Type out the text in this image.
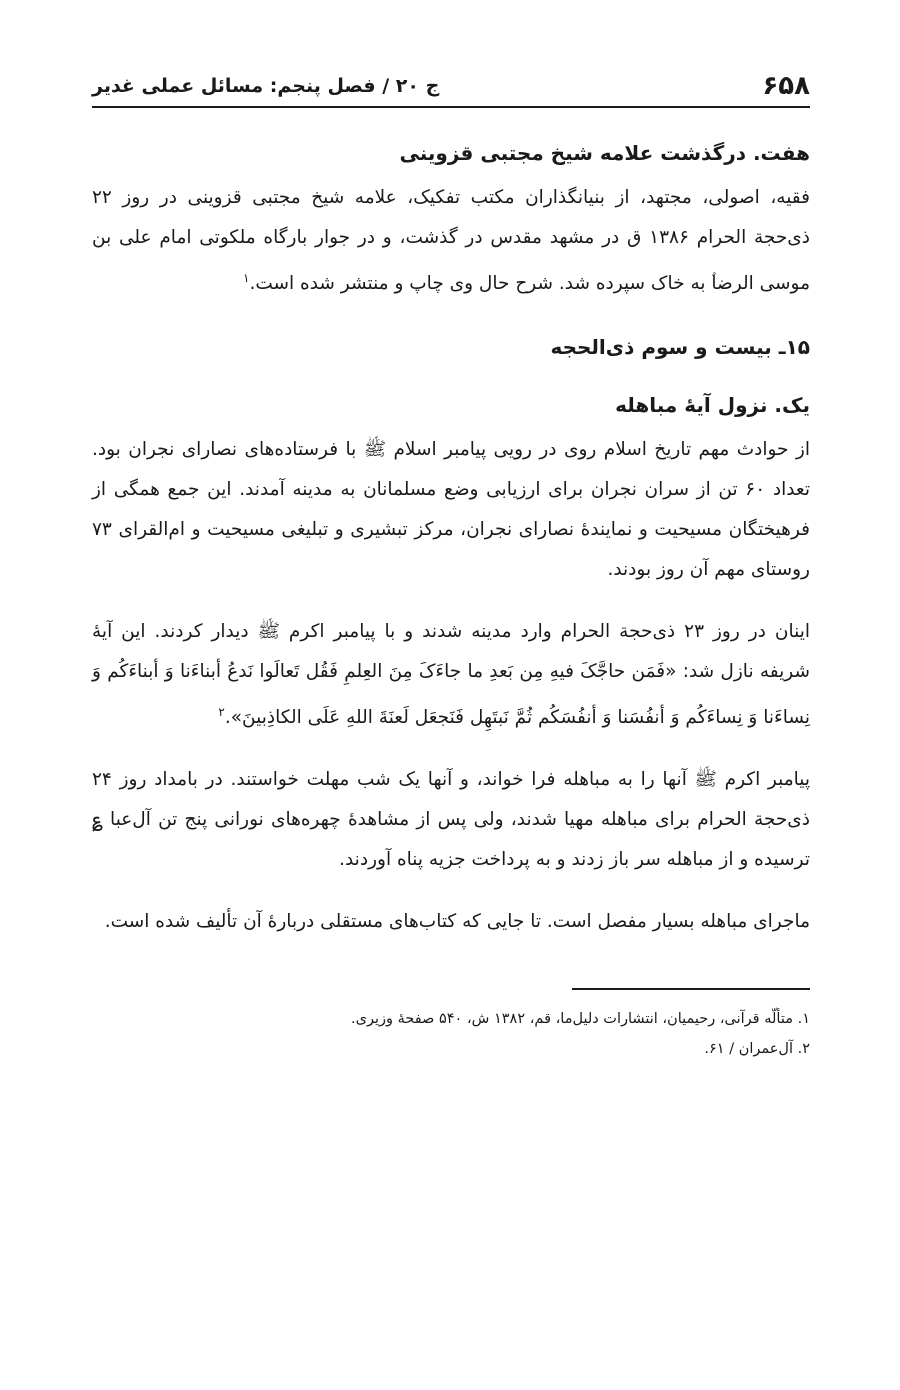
۶۵۸
ج ۲۰ / فصل پنجم: مسائل عملی غدیر
هفت. درگذشت علامه شیخ مجتبی قزوینی

فقیه، اصولی، مجتهد، از بنیانگذاران مکتب تفکیک، علامه شیخ مجتبی قزوینی در روز ۲۲ ذی‌حجة الحرام ۱۳۸۶ ق در مشهد مقدس در گذشت، و در جوار بارگاه ملکوتی امام علی بن موسی الرضا‌ؑ به خاک سپرده شد. شرح حال وی چاپ و منتشر شده است.$^۱$

۱۵ـ بیست و سوم ذی‌الحجه
یک. نزول آیهٔ مباهله

از حوادث مهم تاریخ اسلام روی در رویی پیامبر اسلام‌ ﷺ با فرستاده‌های نصارای نجران بود. تعداد ۶۰ تن از سران نجران برای ارزیابی وضع مسلمانان به مدینه آمدند. این جمع همگی از فرهیختگان مسیحیت و نمایندهٔ نصارای نجران، مرکز تبشیری و تبلیغی مسیحیت و ام‌القرای ۷۳ روستای مهم آن روز بودند.

اینان در روز ۲۳ ذی‌حجة الحرام وارد مدینه شدند و با پیامبر اکرم‌ ﷺ دیدار کردند. این آیهٔ شریفه نازل شد: «فَمَن حاجَّکَ فیهِ مِن بَعدِ ما جاءَکَ مِنَ العِلمِ فَقُل تَعالَوا نَدعُ أبناءَنا وَ أبناءَکُم وَ نِساءَنا وَ نِساءَکُم وَ أنفُسَنا وَ أنفُسَکُم ثُمَّ نَبتَهِل فَنَجعَل لَعنَةَ اللهِ عَلَی الکاذِبینَ».$^۲$

پیامبر اکرم‌ ﷺ آنها را به مباهله فرا خواند، و آنها یک شب مهلت خواستند. در بامداد روز ۲۴ ذی‌حجة الحرام برای مباهله مهیا شدند، ولی پس از مشاهدهٔ چهره‌های نورانی پنج تن آل‌عبا‌ ؏ ترسیده و از مباهله سر باز زدند و به پرداخت جزیه پناه آوردند.

ماجرای مباهله بسیار مفصل است. تا جایی که کتاب‌های مستقلی دربارهٔ آن تألیف شده است.

۱. متألّه قرآنی، رحیمیان، انتشارات دلیل‌ما، قم، ۱۳۸۲ ش، ۵۴۰ صفحهٔ وزیری.
۲. آل‌عمران / ۶۱.
